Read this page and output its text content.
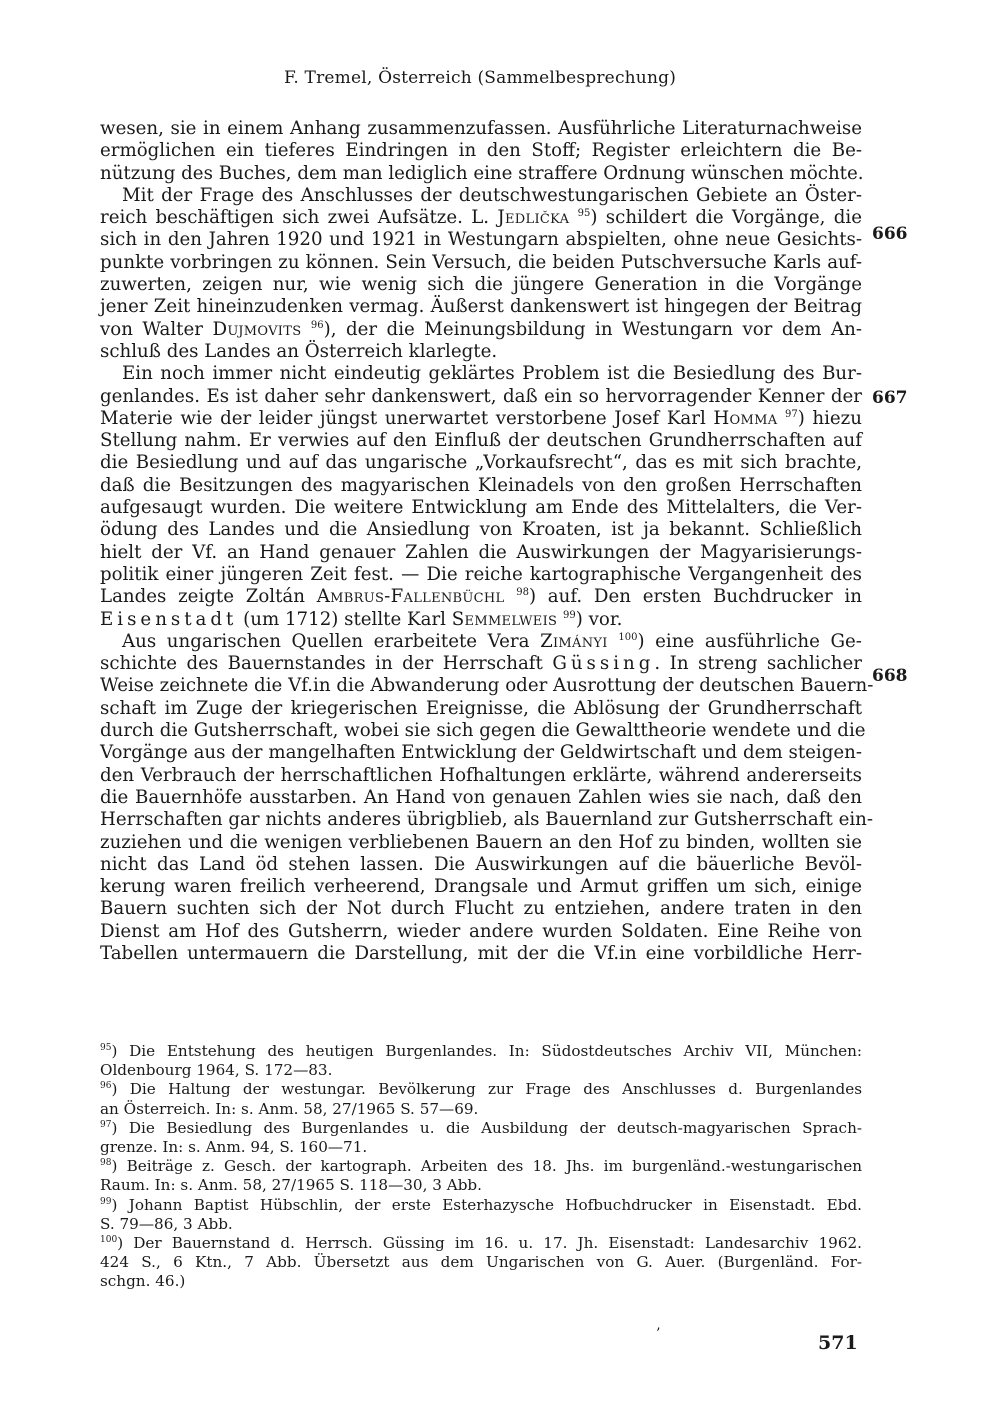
F. Tremel, Österreich (Sammelbesprechung)
666
667
668

wesen, sie in einem Anhang zusammenzufassen. Ausführliche Literaturnachweise
ermöglichen ein tieferes Eindringen in den Stoff; Register erleichtern die Be-
nützung des Buches, dem man lediglich eine straffere Ordnung wünschen möchte.

Mit der Frage des Anschlusses der deutschwestungarischen Gebiete an Öster-
reich beschäftigen sich zwei Aufsätze. L. Jedlička $^{95}$) schildert die Vorgänge, die
sich in den Jahren 1920 und 1921 in Westungarn abspielten, ohne neue Gesichts-
punkte vorbringen zu können. Sein Versuch, die beiden Putschversuche Karls auf-
zuwerten, zeigen nur, wie wenig sich die jüngere Generation in die Vorgänge
jener Zeit hineinzudenken vermag. Äußerst dankenswert ist hingegen der Beitrag
von Walter Dujmovits $^{96}$), der die Meinungsbildung in Westungarn vor dem An-
schluß des Landes an Österreich klarlegte.

Ein noch immer nicht eindeutig geklärtes Problem ist die Besiedlung des Bur-
genlandes. Es ist daher sehr dankenswert, daß ein so hervorragender Kenner der
Materie wie der leider jüngst unerwartet verstorbene Josef Karl Homma $^{97}$) hiezu
Stellung nahm. Er verwies auf den Einfluß der deutschen Grundherrschaften auf
die Besiedlung und auf das ungarische „Vorkaufsrecht“, das es mit sich brachte,
daß die Besitzungen des magyarischen Kleinadels von den großen Herrschaften
aufgesaugt wurden. Die weitere Entwicklung am Ende des Mittelalters, die Ver-
ödung des Landes und die Ansiedlung von Kroaten, ist ja bekannt. Schließlich
hielt der Vf. an Hand genauer Zahlen die Auswirkungen der Magyarisierungs-
politik einer jüngeren Zeit fest. — Die reiche kartographische Vergangenheit des
Landes zeigte Zoltán Ambrus-Fallenbüchl $^{98}$) auf. Den ersten Buchdrucker in
Eisenstadt (um 1712) stellte Karl Semmelweis $^{99}$) vor.

Aus ungarischen Quellen erarbeitete Vera Zimányi $^{100}$) eine ausführliche Ge-
schichte des Bauernstandes in der Herrschaft Güssing. In streng sachlicher
Weise zeichnete die Vf.in die Abwanderung oder Ausrottung der deutschen Bauern-
schaft im Zuge der kriegerischen Ereignisse, die Ablösung der Grundherrschaft
durch die Gutsherrschaft, wobei sie sich gegen die Gewalttheorie wendete und die
Vorgänge aus der mangelhaften Entwicklung der Geldwirtschaft und dem steigen-
den Verbrauch der herrschaftlichen Hofhaltungen erklärte, während andererseits
die Bauernhöfe ausstarben. An Hand von genauen Zahlen wies sie nach, daß den
Herrschaften gar nichts anderes übrigblieb, als Bauernland zur Gutsherrschaft ein-
zuziehen und die wenigen verbliebenen Bauern an den Hof zu binden, wollten sie
nicht das Land öd stehen lassen. Die Auswirkungen auf die bäuerliche Bevöl-
kerung waren freilich verheerend, Drangsale und Armut griffen um sich, einige
Bauern suchten sich der Not durch Flucht zu entziehen, andere traten in den
Dienst am Hof des Gutsherrn, wieder andere wurden Soldaten. Eine Reihe von
Tabellen untermauern die Darstellung, mit der die Vf.in eine vorbildliche Herr-

$^{95}$) Die Entstehung des heutigen Burgenlandes. In: Südostdeutsches Archiv VII, München:
Oldenbourg 1964, S. 172—83.
$^{96}$) Die Haltung der westungar. Bevölkerung zur Frage des Anschlusses d. Burgenlandes
an Österreich. In: s. Anm. 58, 27/1965 S. 57—69.
$^{97}$) Die Besiedlung des Burgenlandes u. die Ausbildung der deutsch-magyarischen Sprach-
grenze. In: s. Anm. 94, S. 160—71.
$^{98}$) Beiträge z. Gesch. der kartograph. Arbeiten des 18. Jhs. im burgenländ.-westungarischen
Raum. In: s. Anm. 58, 27/1965 S. 118—30, 3 Abb.
$^{99}$) Johann Baptist Hübschlin, der erste Esterhazysche Hofbuchdrucker in Eisenstadt. Ebd.
S. 79—86, 3 Abb.
$^{100}$) Der Bauernstand d. Herrsch. Güssing im 16. u. 17. Jh. Eisenstadt: Landesarchiv 1962.
424 S., 6 Ktn., 7 Abb. Übersetzt aus dem Ungarischen von G. Auer. (Burgenländ. For-
schgn. 46.)
’	571
